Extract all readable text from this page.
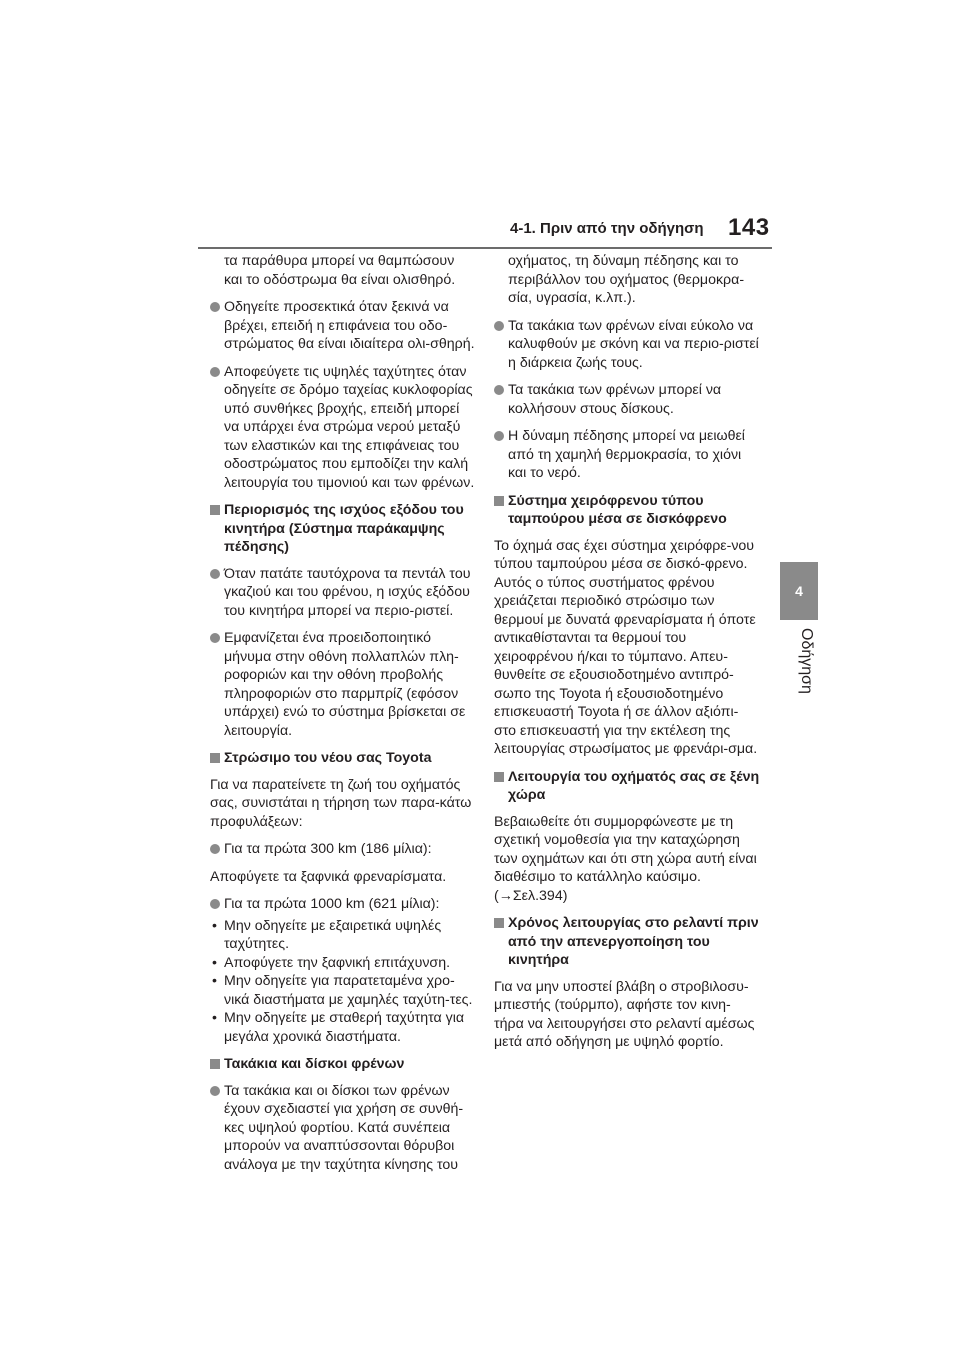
4-1. Πριν από την οδήγηση 143
4
Οδήγηση
τα παράθυρα μπορεί να θαμπώσουν και το οδόστρωμα θα είναι ολισθηρό.
Οδηγείτε προσεκτικά όταν ξεκινά να βρέχει, επειδή η επιφάνεια του οδο-στρώματος θα είναι ιδιαίτερα ολι-σθηρή.
Αποφεύγετε τις υψηλές ταχύτητες όταν οδηγείτε σε δρόμο ταχείας κυκλοφορίας υπό συνθήκες βροχής, επειδή μπορεί να υπάρχει ένα στρώμα νερού μεταξύ των ελαστικών και της επιφάνειας του οδοστρώματος που εμποδίζει την καλή λειτουργία του τιμονιού και των φρένων.
Περιορισμός της ισχύος εξόδου του κινητήρα (Σύστημα παράκαμψης πέδησης)
Όταν πατάτε ταυτόχρονα τα πεντάλ του γκαζιού και του φρένου, η ισχύς εξόδου του κινητήρα μπορεί να περιο-ριστεί.
Εμφανίζεται ένα προειδοποιητικό μήνυμα στην οθόνη πολλαπλών πλη-ροφοριών και την οθόνη προβολής πληροφοριών στο παρμπρίζ (εφόσον υπάρχει) ενώ το σύστημα βρίσκεται σε λειτουργία.
Στρώσιμο του νέου σας Toyota
Για να παρατείνετε τη ζωή του οχήματός σας, συνιστάται η τήρηση των παρα-κάτω προφυλάξεων:
Για τα πρώτα 300 km (186 μίλια):
Αποφύγετε τα ξαφνικά φρεναρίσματα.
Για τα πρώτα 1000 km (621 μίλια):
• Μην οδηγείτε με εξαιρετικά υψηλές ταχύτητες.
• Αποφύγετε την ξαφνική επιτάχυνση.
• Μην οδηγείτε για παρατεταμένα χρο-νικά διαστήματα με χαμηλές ταχύτη-τες.
• Μην οδηγείτε με σταθερή ταχύτητα για μεγάλα χρονικά διαστήματα.
Τακάκια και δίσκοι φρένων
Τα τακάκια και οι δίσκοι των φρένων έχουν σχεδιαστεί για χρήση σε συνθή-κες υψηλού φορτίου. Κατά συνέπεια μπορούν να αναπτύσσονται θόρυβοι ανάλογα με την ταχύτητα κίνησης του
οχήματος, τη δύναμη πέδησης και το περιβάλλον του οχήματος (θερμοκρα-σία, υγρασία, κ.λπ.).
Τα τακάκια των φρένων είναι εύκολο να καλυφθούν με σκόνη και να περιο-ριστεί η διάρκεια ζωής τους.
Τα τακάκια των φρένων μπορεί να κολλήσουν στους δίσκους.
Η δύναμη πέδησης μπορεί να μειωθεί από τη χαμηλή θερμοκρασία, το χιόνι και το νερό.
Σύστημα χειρόφρενου τύπου ταμπούρου μέσα σε δισκόφρενο
Το όχημά σας έχει σύστημα χειρόφρε-νου τύπου ταμπούρου μέσα σε δισκό-φρενο. Αυτός ο τύπος συστήματος φρένου χρειάζεται περιοδικό στρώσιμο των θερμουί με δυνατά φρεναρίσματα ή όποτε αντικαθίστανται τα θερμουί του χειροφρένου ή/και το τύμπανο. Απευ-θυνθείτε σε εξουσιοδοτημένο αντιπρό-σωπο της Toyota ή εξουσιοδοτημένο επισκευαστή Toyota ή σε άλλον αξιόπι-στο επισκευαστή για την εκτέλεση της λειτουργίας στρωσίματος με φρενάρι-σμα.
Λειτουργία του οχήματός σας σε ξένη χώρα
Βεβαιωθείτε ότι συμμορφώνεστε με τη σχετική νομοθεσία για την καταχώρηση των οχημάτων και ότι στη χώρα αυτή είναι διαθέσιμο το κατάλληλο καύσιμο.
(→Σελ.394)
Χρόνος λειτουργίας στο ρελαντί πριν από την απενεργοποίηση του κινητήρα
Για να μην υποστεί βλάβη ο στροβιλοσυ-μπιεστής (τούρμπο), αφήστε τον κινη-τήρα να λειτουργήσει στο ρελαντί αμέσως μετά από οδήγηση με υψηλό φορτίο.
